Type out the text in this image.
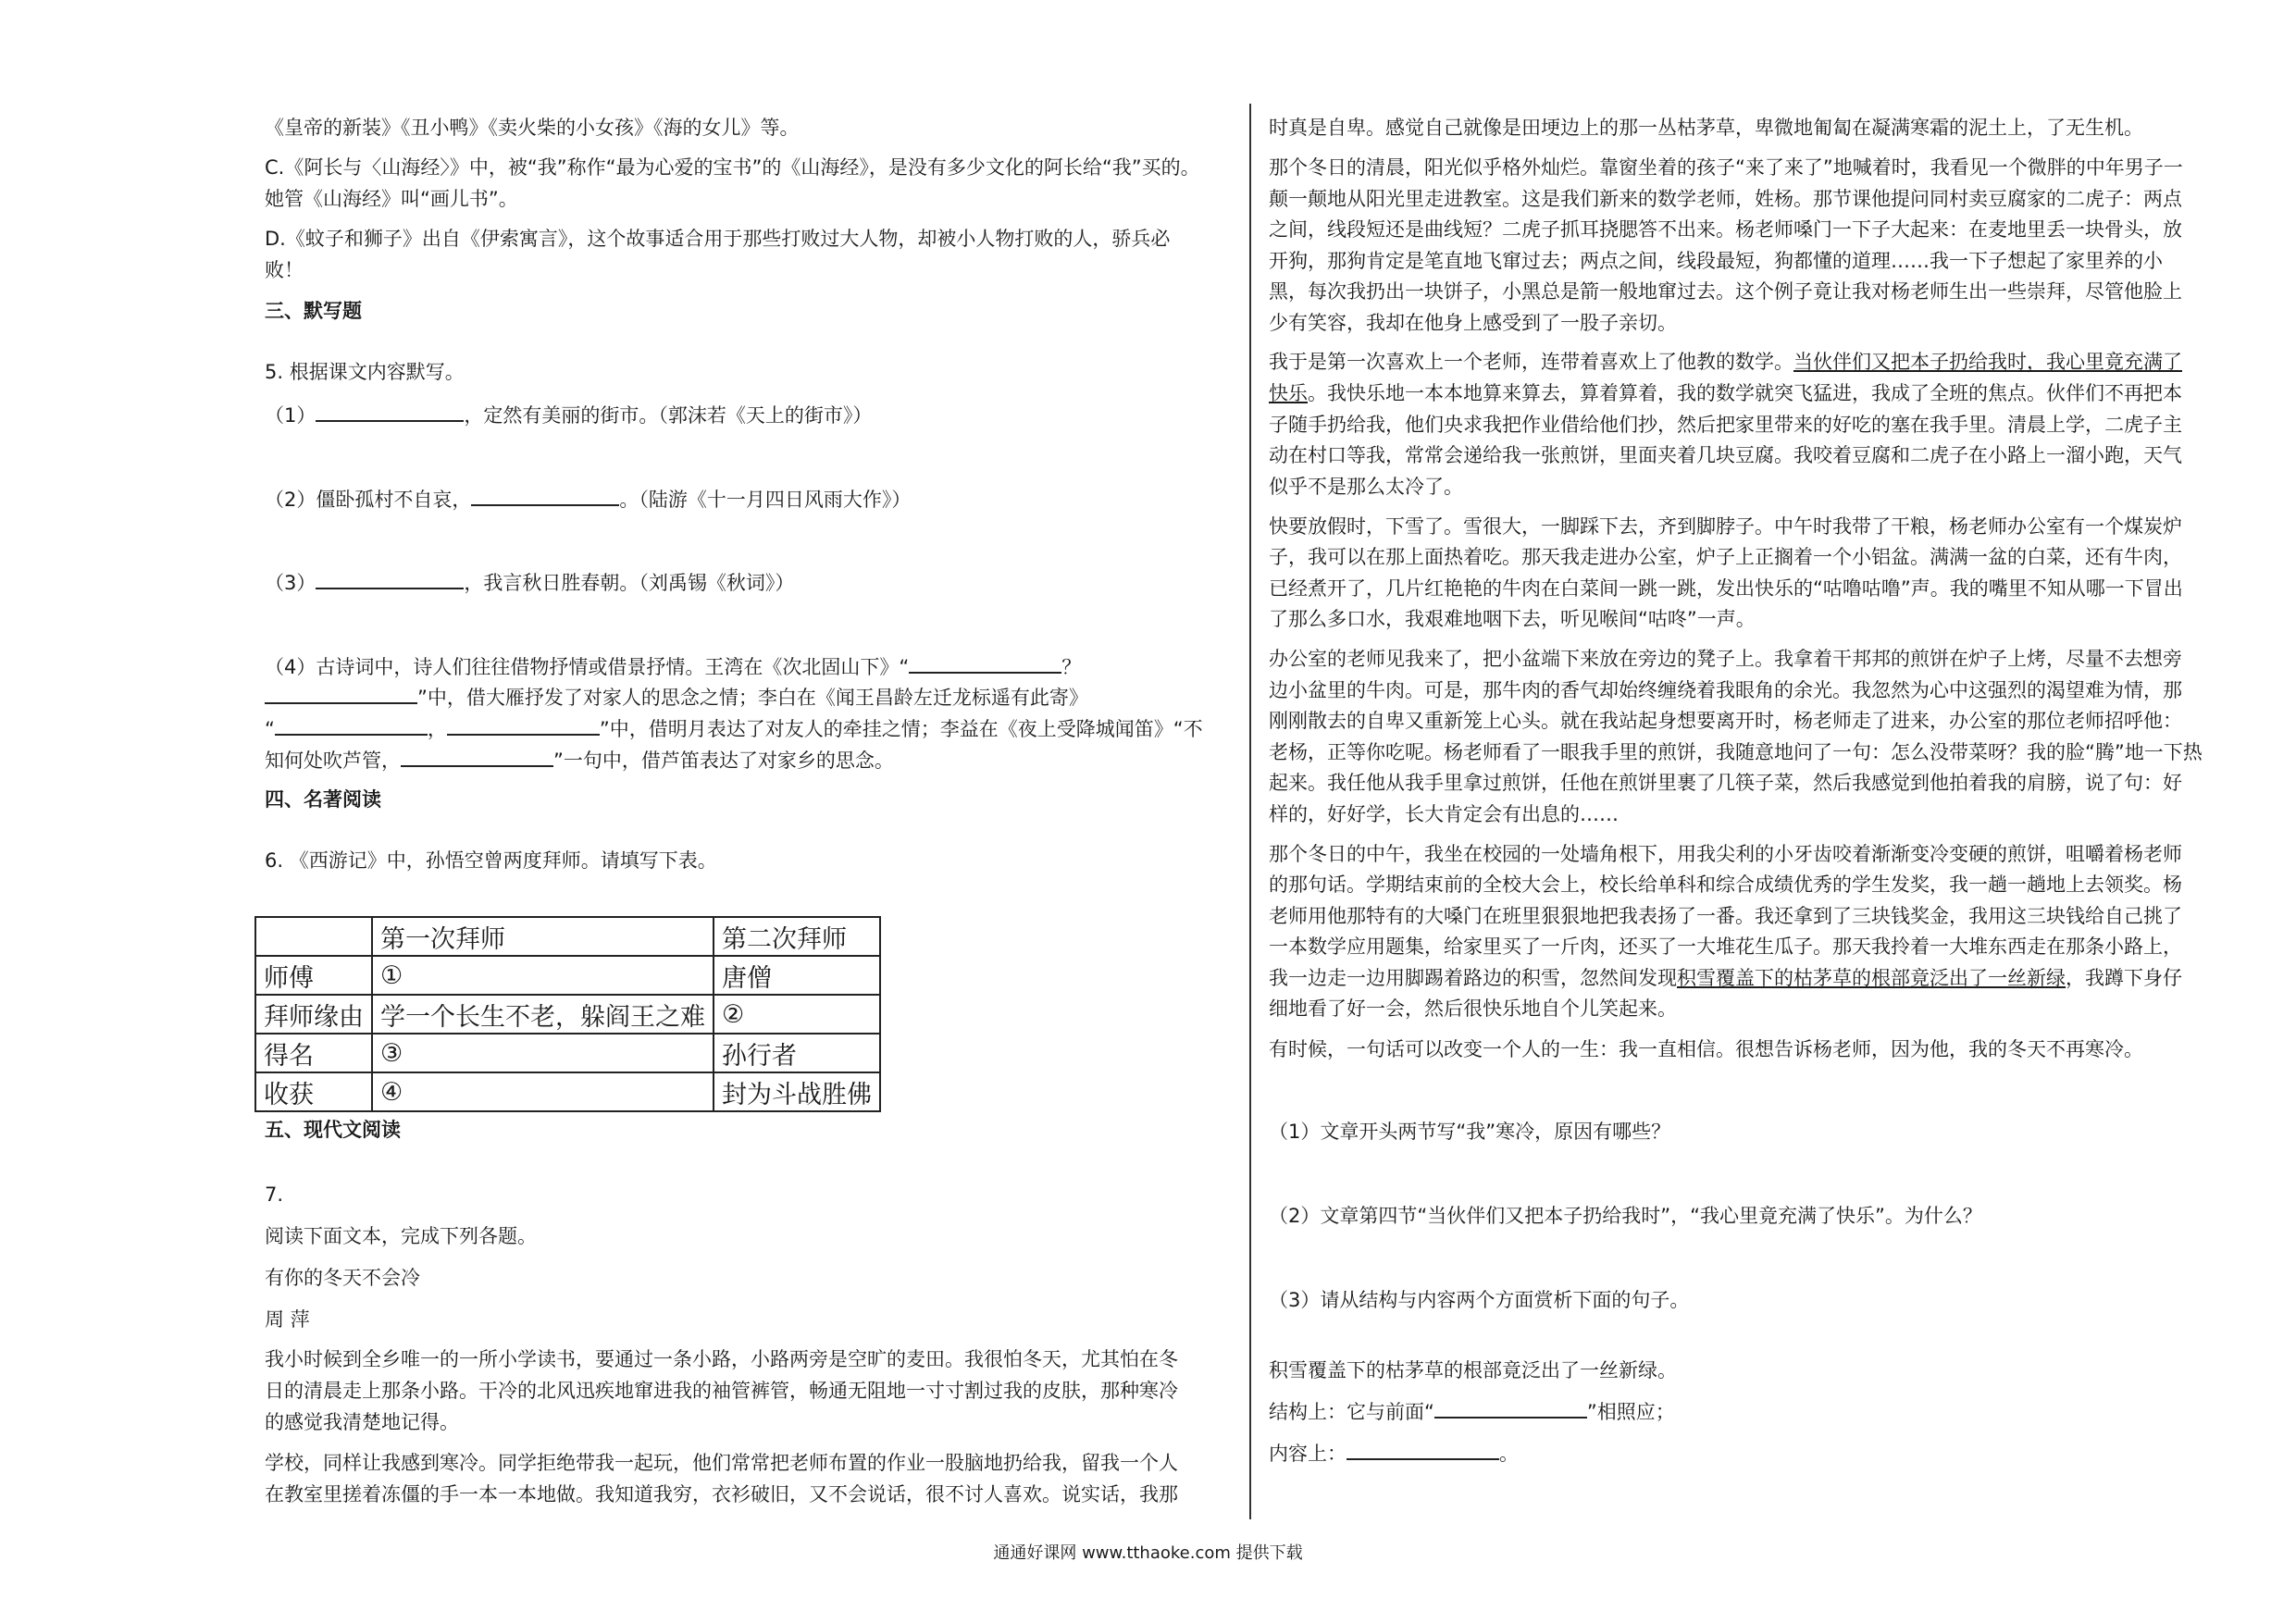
《皇帝的新装》《丑小鸭》《卖火柴的小女孩》《海的女儿》等。
C.《阿长与〈山海经〉》中，被“我”称作“最为心爱的宝书”的《山海经》，是没有多少文化的阿长给“我”买的。
她管《山海经》叫“画儿书”。
D.《蚊子和狮子》出自《伊索寓言》，这个故事适合用于那些打败过大人物，却被小人物打败的人，骄兵必
败！
三、默写题
5. 根据课文内容默写。
（1）	，定然有美丽的街市。（郭沫若《天上的街市》）
（2）僵卧孤村不自哀，	。（陆游《十一月四日风雨大作》）
（3）	，我言秋日胜春朝。（刘禹锡《秋词》）
（4）古诗词中，诗人们往往借物抒情或借景抒情。王湾在《次北固山下》“	？
”中，借大雁抒发了对家人的思念之情；李白在《闻王昌龄左迁龙标遥有此寄》
“	，	”中，借明月表达了对友人的牵挂之情；李益在《夜上受降城闻笛》“不
知何处吹芦管，	”一句中，借芦笛表达了对家乡的思念。
四、名著阅读
6. 《西游记》中，孙悟空曾两度拜师。请填写下表。
五、现代文阅读
7.
阅读下面文本，完成下列各题。
有你的冬天不会冷
周 萍
我小时候到全乡唯一的一所小学读书，要通过一条小路，小路两旁是空旷的麦田。我很怕冬天，尤其怕在冬
日的清晨走上那条小路。干冷的北风迅疾地窜进我的袖管裤管，畅通无阻地一寸寸割过我的皮肤，那种寒冷
的感觉我清楚地记得。
学校，同样让我感到寒冷。同学拒绝带我一起玩，他们常常把老师布置的作业一股脑地扔给我，留我一个人
在教室里搓着冻僵的手一本一本地做。我知道我穷，衣衫破旧，又不会说话，很不讨人喜欢。说实话，我那
	第一次拜师	第二次拜师
师傅	①	唐僧
拜师缘由	学一个长生不老，躲阎王之难	②
得名	③	孙行者
收获	④	封为斗战胜佛
时真是自卑。感觉自己就像是田埂边上的那一丛枯茅草，卑微地匍匐在凝满寒霜的泥土上，了无生机。
那个冬日的清晨，阳光似乎格外灿烂。靠窗坐着的孩子“来了来了”地喊着时，我看见一个微胖的中年男子一
颠一颠地从阳光里走进教室。这是我们新来的数学老师，姓杨。那节课他提问同村卖豆腐家的二虎子：两点
之间，线段短还是曲线短？二虎子抓耳挠腮答不出来。杨老师嗓门一下子大起来：在麦地里丢一块骨头，放
开狗，那狗肯定是笔直地飞窜过去；两点之间，线段最短，狗都懂的道理……我一下子想起了家里养的小
黑，每次我扔出一块饼子，小黑总是箭一般地窜过去。这个例子竟让我对杨老师生出一些崇拜，尽管他脸上
少有笑容，我却在他身上感受到了一股子亲切。
我于是第一次喜欢上一个老师，连带着喜欢上了他教的数学。当伙伴们又把本子扔给我时，我心里竟充满了
快乐。我快乐地一本本地算来算去，算着算着，我的数学就突飞猛进，我成了全班的焦点。伙伴们不再把本
子随手扔给我，他们央求我把作业借给他们抄，然后把家里带来的好吃的塞在我手里。清晨上学，二虎子主
动在村口等我，常常会递给我一张煎饼，里面夹着几块豆腐。我咬着豆腐和二虎子在小路上一溜小跑，天气
似乎不是那么太冷了。
快要放假时，下雪了。雪很大，一脚踩下去，齐到脚脖子。中午时我带了干粮，杨老师办公室有一个煤炭炉
子，我可以在那上面热着吃。那天我走进办公室，炉子上正搁着一个小铝盆。满满一盆的白菜，还有牛肉，
已经煮开了，几片红艳艳的牛肉在白菜间一跳一跳，发出快乐的“咕噜咕噜”声。我的嘴里不知从哪一下冒出
了那么多口水，我艰难地咽下去，听见喉间“咕咚”一声。
办公室的老师见我来了，把小盆端下来放在旁边的凳子上。我拿着干邦邦的煎饼在炉子上烤，尽量不去想旁
边小盆里的牛肉。可是，那牛肉的香气却始终缠绕着我眼角的余光。我忽然为心中这强烈的渴望难为情，那
刚刚散去的自卑又重新笼上心头。就在我站起身想要离开时，杨老师走了进来，办公室的那位老师招呼他：
老杨，正等你吃呢。杨老师看了一眼我手里的煎饼，我随意地问了一句：怎么没带菜呀？我的脸“腾”地一下热
起来。我任他从我手里拿过煎饼，任他在煎饼里裹了几筷子菜，然后我感觉到他拍着我的肩膀，说了句：好
样的，好好学，长大肯定会有出息的……
那个冬日的中午，我坐在校园的一处墙角根下，用我尖利的小牙齿咬着渐渐变冷变硬的煎饼，咀嚼着杨老师
的那句话。学期结束前的全校大会上，校长给单科和综合成绩优秀的学生发奖，我一趟一趟地上去领奖。杨
老师用他那特有的大嗓门在班里狠狠地把我表扬了一番。我还拿到了三块钱奖金，我用这三块钱给自己挑了
一本数学应用题集，给家里买了一斤肉，还买了一大堆花生瓜子。那天我拎着一大堆东西走在那条小路上，
我一边走一边用脚踢着路边的积雪，忽然间发现积雪覆盖下的枯茅草的根部竟泛出了一丝新绿，我蹲下身仔
细地看了好一会，然后很快乐地自个儿笑起来。
有时候，一句话可以改变一个人的一生：我一直相信。很想告诉杨老师，因为他，我的冬天不再寒冷。
（1）文章开头两节写“我”寒冷，原因有哪些？
（2）文章第四节“当伙伴们又把本子扔给我时”，“我心里竟充满了快乐”。为什么？
（3）请从结构与内容两个方面赏析下面的句子。
积雪覆盖下的枯茅草的根部竟泛出了一丝新绿。
结构上：它与前面“	”相照应；
内容上：	。
通通好课网 www.tthaoke.com 提供下载
